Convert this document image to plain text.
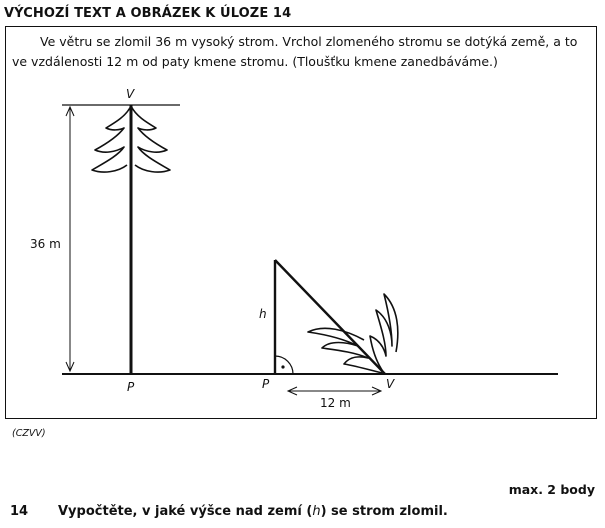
VÝCHOZÍ TEXT A OBRÁZEK K ÚLOZE 14
Ve větru se zlomil 36 m vysoký strom. Vrchol zlomeného stromu se dotýká země, a to ve vzdálenosti 12 m od paty kmene stromu. (Tloušťku kmene zanedbáváme.)
V
P
36 m
P	V
h
12 m
(CZVV)
max. 2 body
14 Vypočtěte, v jaké výšce nad zemí (h) se strom zlomil.
